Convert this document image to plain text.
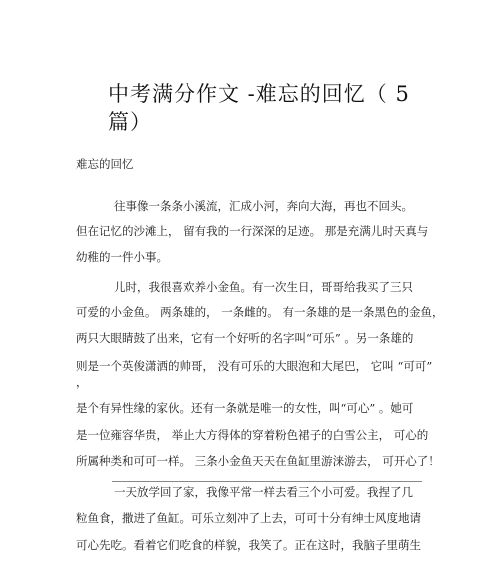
中考满分作文 -难忘的回忆（ 5
篇）
难忘的回忆
往事像一条条小溪流，汇成小河，奔向大海，再也不回头。
但在记忆的沙滩上， 留有我的一行深深的足迹。 那是充满儿时天真与
幼稚的一件小事。
儿时，我很喜欢养小金鱼。有一次生日，哥哥给我买了三只
可爱的小金鱼。 两条雄的， 一条雌的。 有一条雄的是一条黑色的金鱼，
两只大眼睛鼓了出来，它有一个好听的名字叫“可乐” 。另一条雄的
则是一个英俊潇洒的帅哥， 没有可乐的大眼泡和大尾巴， 它叫 “可可”
，
是个有异性缘的家伙。还有一条就是唯一的女性，叫“可心” 。她可
是一位雍容华贵， 举止大方得体的穿着粉色裙子的白雪公主， 可心的
所属种类和可可一样。 三条小金鱼天天在鱼缸里游涞游去， 可开心了！
一天放学回了家，我像平常一样去看三个小可爱。我捏了几
粒鱼食，撒进了鱼缸。可乐立刻冲了上去，可可十分有绅士风度地请
可心先吃。看着它们吃食的样貌，我笑了。正在这时，我脑子里萌生
